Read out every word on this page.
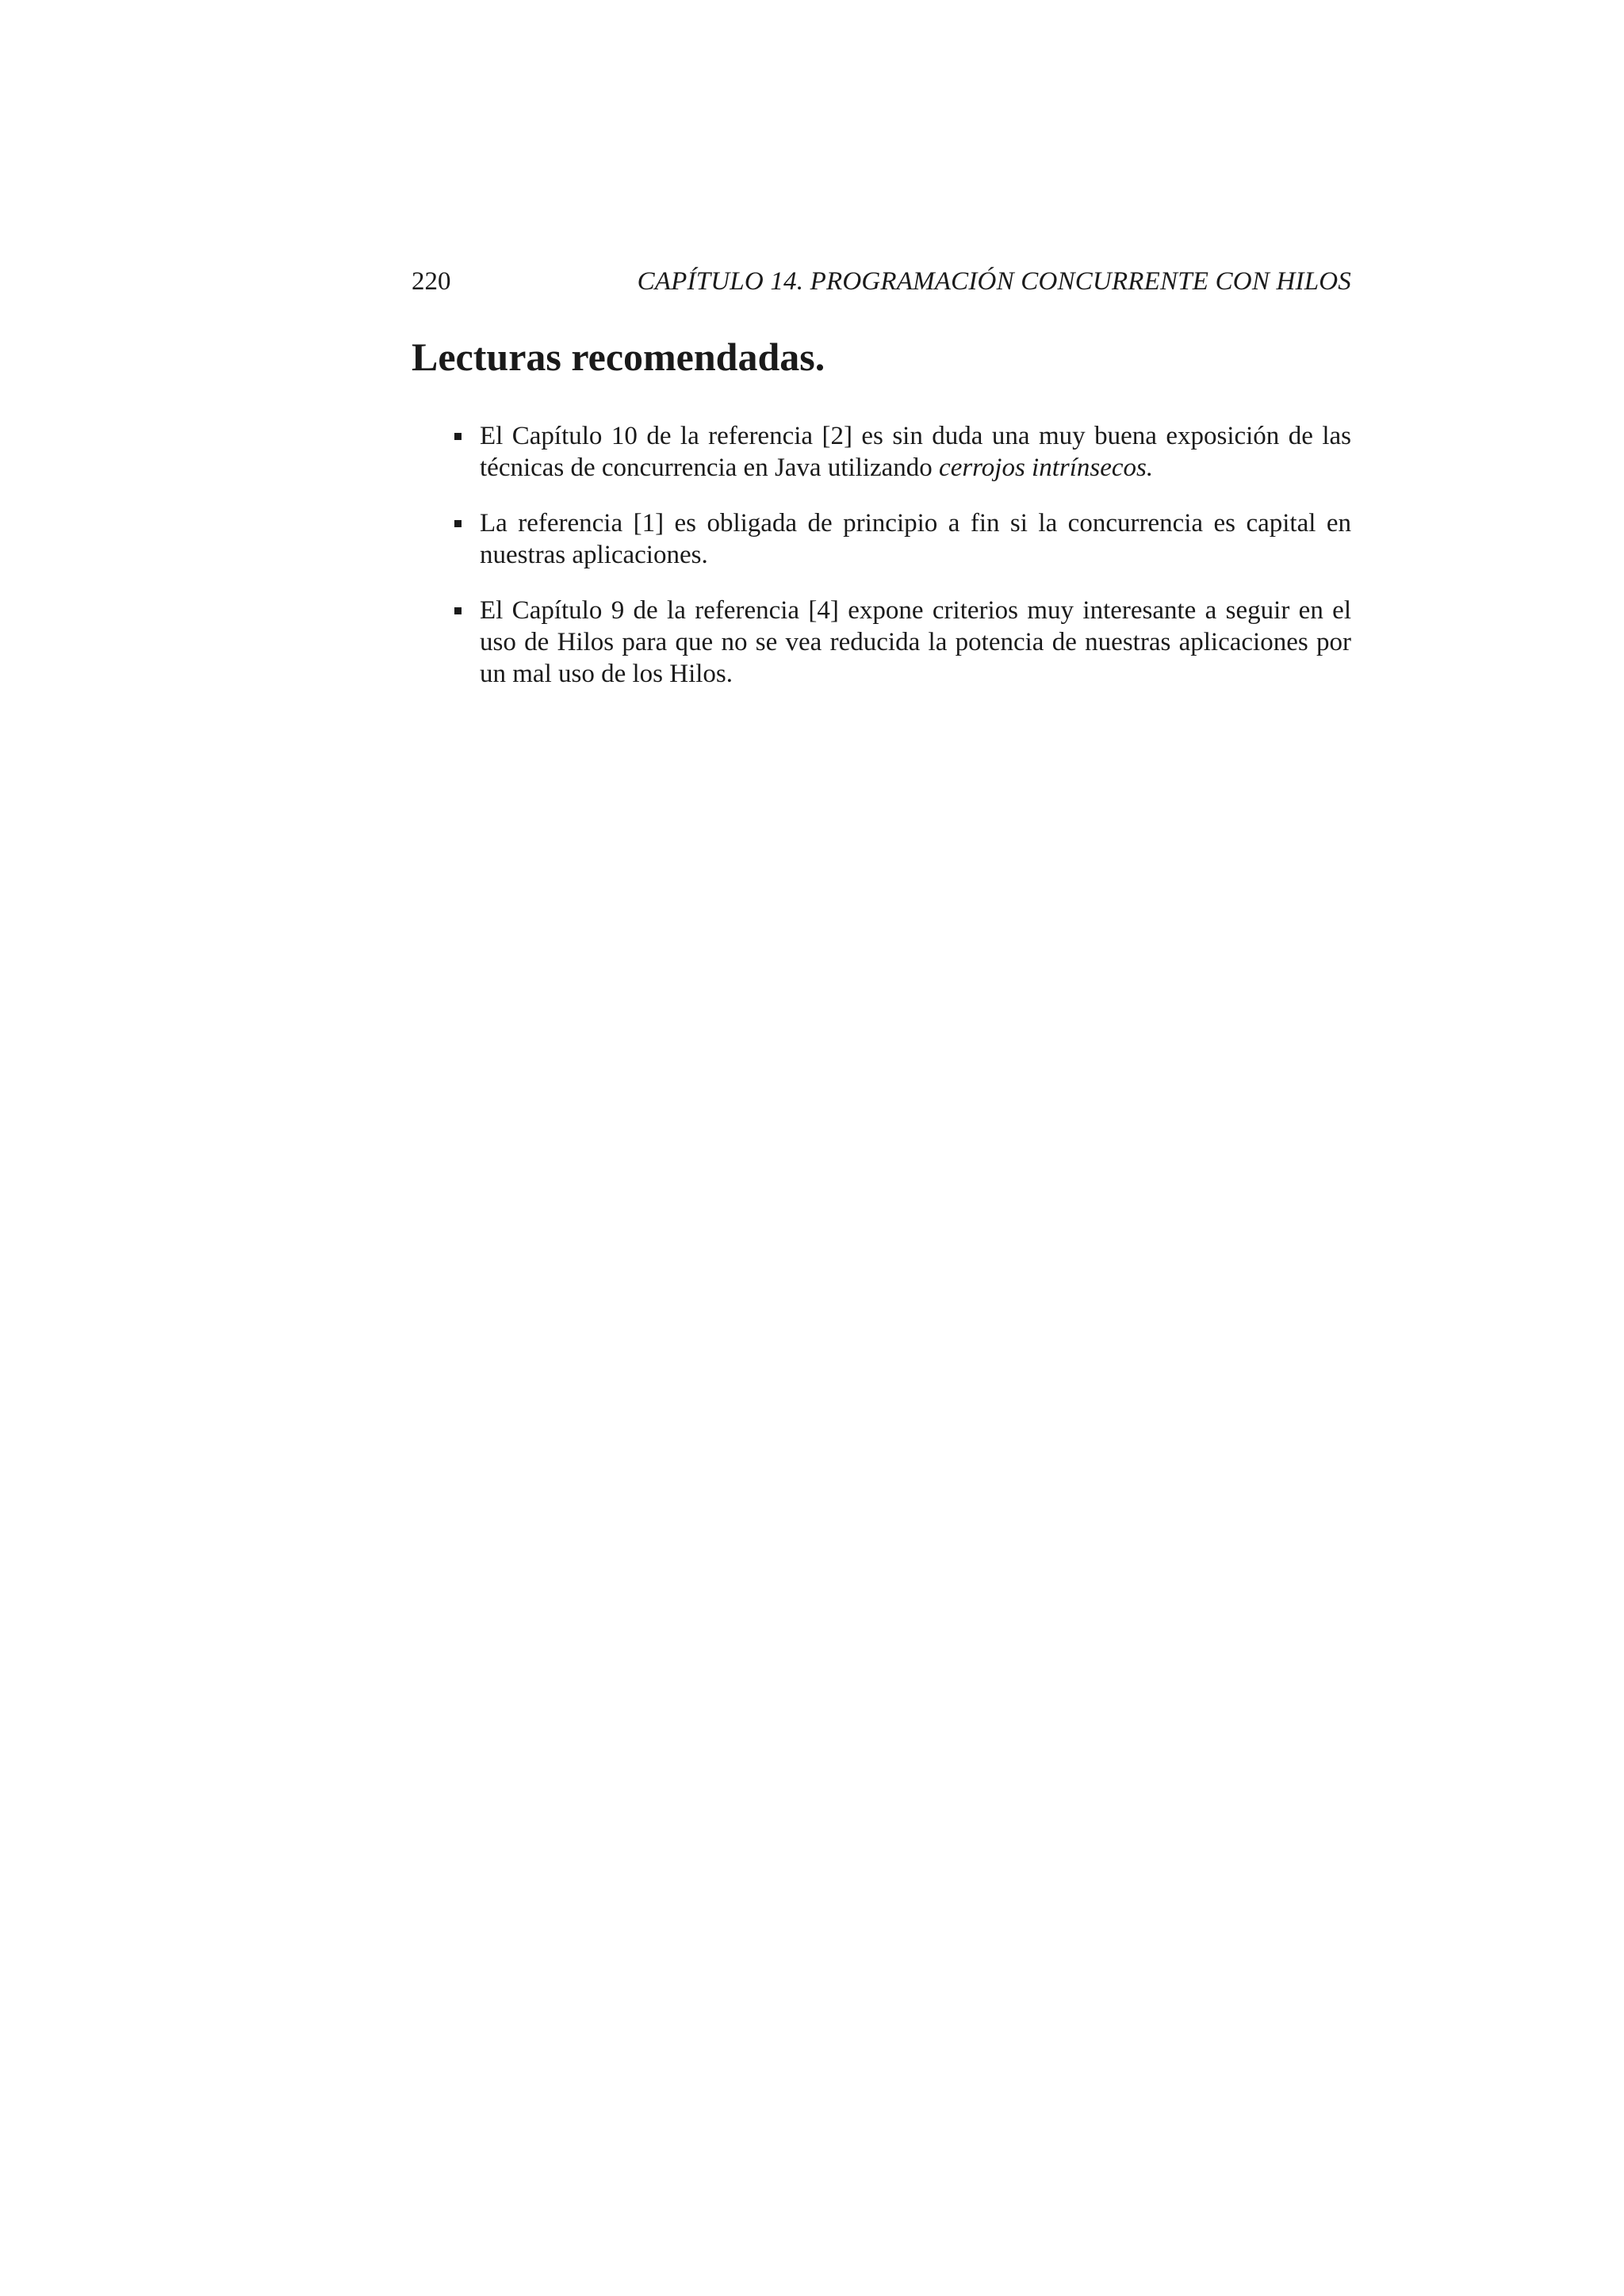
220	CAPÍTULO 14. PROGRAMACIÓN CONCURRENTE CON HILOS
Lecturas recomendadas.
El Capítulo 10 de la referencia [2] es sin duda una muy buena exposición de las técnicas de concurrencia en Java utilizando cerrojos intrínsecos.
La referencia [1] es obligada de principio a fin si la concurrencia es capital en nuestras aplicaciones.
El Capítulo 9 de la referencia [4] expone criterios muy interesante a seguir en el uso de Hilos para que no se vea reducida la potencia de nuestras aplicaciones por un mal uso de los Hilos.
